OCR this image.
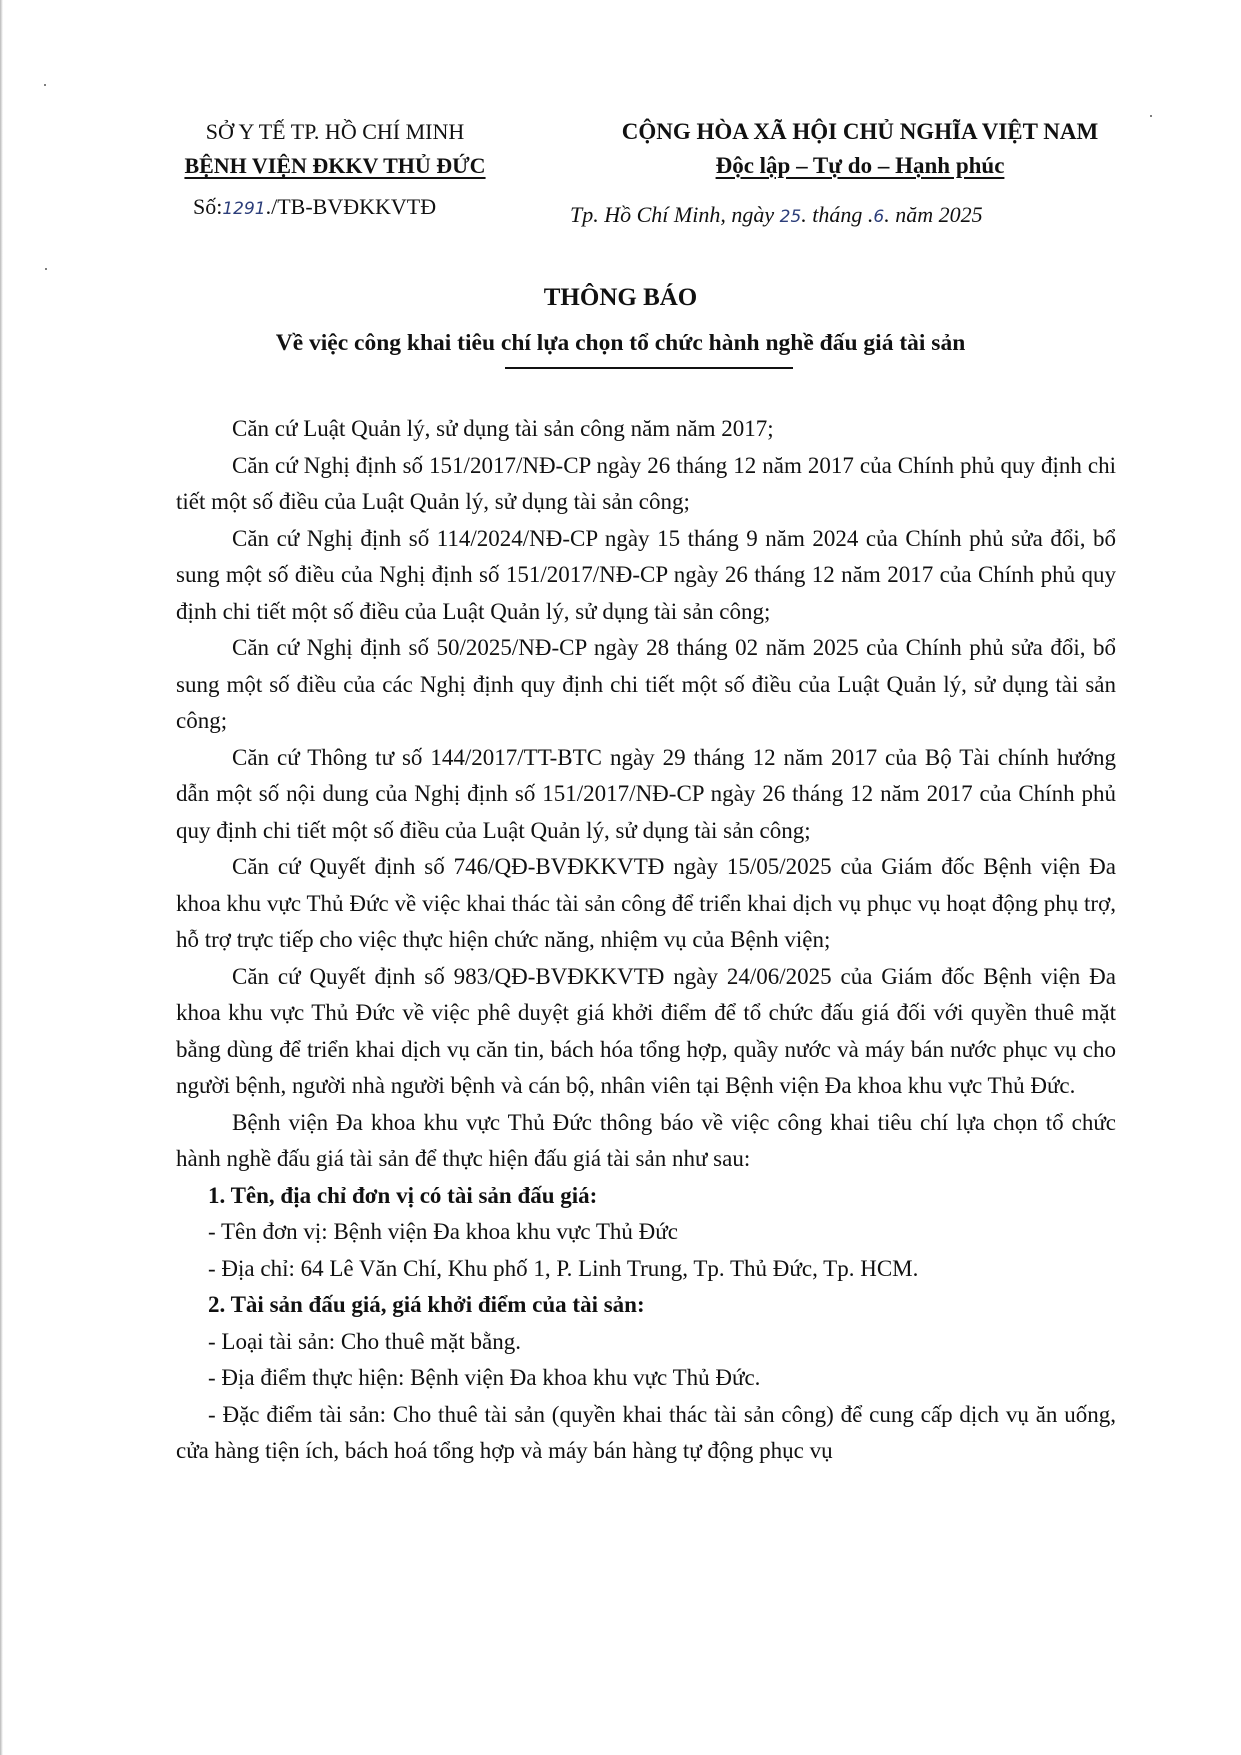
SỞ Y TẾ TP. HỒ CHÍ MINH
BỆNH VIỆN ĐKKV THỦ ĐỨC
Số:1291./TB-BVĐKKVTĐ
CỘNG HÒA XÃ HỘI CHỦ NGHĨA VIỆT NAM
Độc lập – Tự do – Hạnh phúc
Tp. Hồ Chí Minh, ngày 25. tháng .6. năm 2025
THÔNG BÁO
Về việc công khai tiêu chí lựa chọn tổ chức hành nghề đấu giá tài sản

Căn cứ Luật Quản lý, sử dụng tài sản công năm năm 2017;

Căn cứ Nghị định số 151/2017/NĐ-CP ngày 26 tháng 12 năm 2017 của Chính phủ quy định chi tiết một số điều của Luật Quản lý, sử dụng tài sản công;

Căn cứ Nghị định số 114/2024/NĐ-CP ngày 15 tháng 9 năm 2024 của Chính phủ sửa đổi, bổ sung một số điều của Nghị định số 151/2017/NĐ-CP ngày 26 tháng 12 năm 2017 của Chính phủ quy định chi tiết một số điều của Luật Quản lý, sử dụng tài sản công;

Căn cứ Nghị định số 50/2025/NĐ-CP ngày 28 tháng 02 năm 2025 của Chính phủ sửa đổi, bổ sung một số điều của các Nghị định quy định chi tiết một số điều của Luật Quản lý, sử dụng tài sản công;

Căn cứ Thông tư số 144/2017/TT-BTC ngày 29 tháng 12 năm 2017 của Bộ Tài chính hướng dẫn một số nội dung của Nghị định số 151/2017/NĐ-CP ngày 26 tháng 12 năm 2017 của Chính phủ quy định chi tiết một số điều của Luật Quản lý, sử dụng tài sản công;

Căn cứ Quyết định số 746/QĐ-BVĐKKVTĐ ngày 15/05/2025 của Giám đốc Bệnh viện Đa khoa khu vực Thủ Đức về việc khai thác tài sản công để triển khai dịch vụ phục vụ hoạt động phụ trợ, hỗ trợ trực tiếp cho việc thực hiện chức năng, nhiệm vụ của Bệnh viện;

Căn cứ Quyết định số 983/QĐ-BVĐKKVTĐ ngày 24/06/2025 của Giám đốc Bệnh viện Đa khoa khu vực Thủ Đức về việc phê duyệt giá khởi điểm để tổ chức đấu giá đối với quyền thuê mặt bằng dùng để triển khai dịch vụ căn tin, bách hóa tổng hợp, quầy nước và máy bán nước phục vụ cho người bệnh, người nhà người bệnh và cán bộ, nhân viên tại Bệnh viện Đa khoa khu vực Thủ Đức.

Bệnh viện Đa khoa khu vực Thủ Đức thông báo về việc công khai tiêu chí lựa chọn tổ chức hành nghề đấu giá tài sản để thực hiện đấu giá tài sản như sau:

1. Tên, địa chỉ đơn vị có tài sản đấu giá:

- Tên đơn vị: Bệnh viện Đa khoa khu vực Thủ Đức

- Địa chỉ: 64 Lê Văn Chí, Khu phố 1, P. Linh Trung, Tp. Thủ Đức, Tp. HCM.

2. Tài sản đấu giá, giá khởi điểm của tài sản:

- Loại tài sản: Cho thuê mặt bằng.

- Địa điểm thực hiện: Bệnh viện Đa khoa khu vực Thủ Đức.

- Đặc điểm tài sản: Cho thuê tài sản (quyền khai thác tài sản công) để cung cấp dịch vụ ăn uống, cửa hàng tiện ích, bách hoá tổng hợp và máy bán hàng tự động phục vụ
